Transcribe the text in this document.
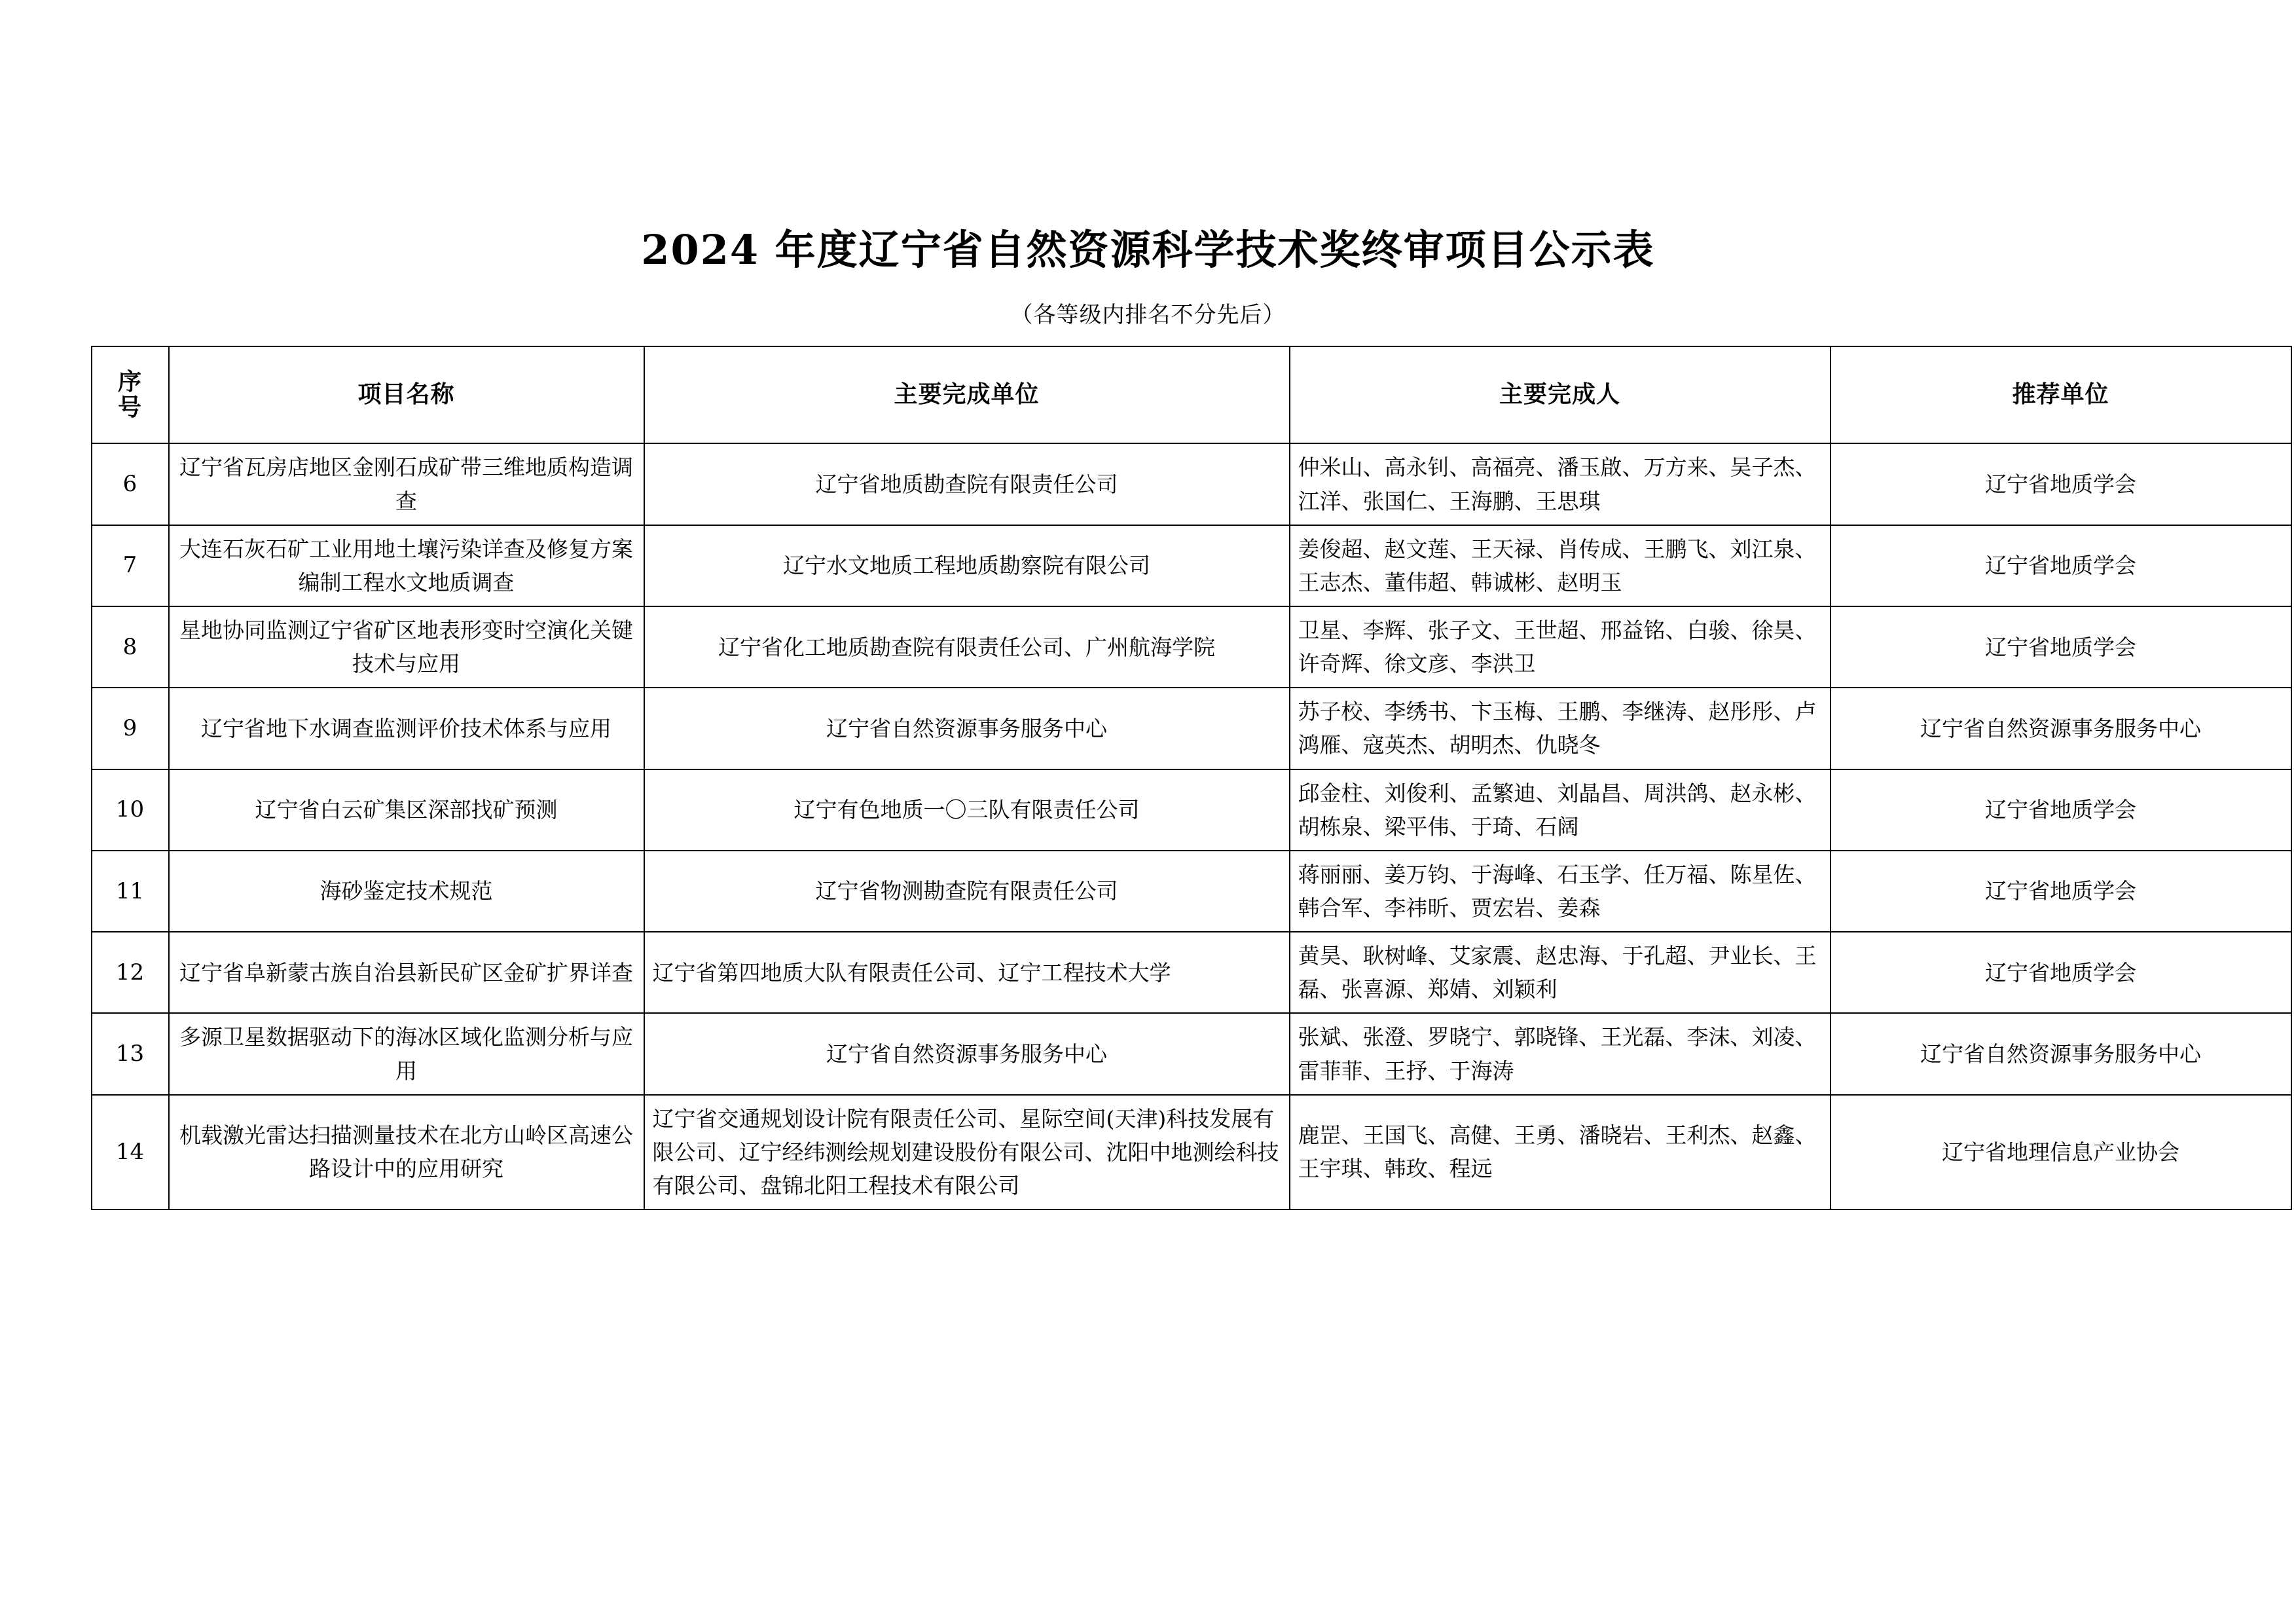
2024 年度辽宁省自然资源科学技术奖终审项目公示表
（各等级内排名不分先后）
序
号	项目名称	主要完成单位	主要完成人	推荐单位
6	辽宁省瓦房店地区金刚石成矿带三维地质构造调查	辽宁省地质勘查院有限责任公司	仲米山、高永钊、高福亮、潘玉啟、万方来、吴子杰、江洋、张国仁、王海鹏、王思琪	辽宁省地质学会
7	大连石灰石矿工业用地土壤污染详查及修复方案编制工程水文地质调查	辽宁水文地质工程地质勘察院有限公司	姜俊超、赵文莲、王天禄、肖传成、王鹏飞、刘江泉、王志杰、董伟超、韩诚彬、赵明玉	辽宁省地质学会
8	星地协同监测辽宁省矿区地表形变时空演化关键技术与应用	辽宁省化工地质勘查院有限责任公司、广州航海学院	卫星、李辉、张子文、王世超、邢益铭、白骏、徐昊、许奇辉、徐文彦、李洪卫	辽宁省地质学会
9	辽宁省地下水调查监测评价技术体系与应用	辽宁省自然资源事务服务中心	苏子校、李绣书、卞玉梅、王鹏、李继涛、赵彤彤、卢鸿雁、寇英杰、胡明杰、仇晓冬	辽宁省自然资源事务服务中心
10	辽宁省白云矿集区深部找矿预测	辽宁有色地质一〇三队有限责任公司	邱金柱、刘俊利、孟繁迪、刘晶昌、周洪鸽、赵永彬、胡栋泉、梁平伟、于琦、石阔	辽宁省地质学会
11	海砂鉴定技术规范	辽宁省物测勘查院有限责任公司	蒋丽丽、姜万钧、于海峰、石玉学、任万福、陈星佐、韩合军、李祎昕、贾宏岩、姜森	辽宁省地质学会
12	辽宁省阜新蒙古族自治县新民矿区金矿扩界详查	辽宁省第四地质大队有限责任公司、辽宁工程技术大学	黄昊、耿树峰、艾家震、赵忠海、于孔超、尹业长、王磊、张喜源、郑婧、刘颖利	辽宁省地质学会
13	多源卫星数据驱动下的海冰区域化监测分析与应用	辽宁省自然资源事务服务中心	张斌、张澄、罗晓宁、郭晓锋、王光磊、李沫、刘凌、雷菲菲、王抒、于海涛	辽宁省自然资源事务服务中心
14	机载激光雷达扫描测量技术在北方山岭区高速公路设计中的应用研究	辽宁省交通规划设计院有限责任公司、星际空间(天津)科技发展有限公司、辽宁经纬测绘规划建设股份有限公司、沈阳中地测绘科技有限公司、盘锦北阳工程技术有限公司	鹿罡、王国飞、高健、王勇、潘晓岩、王利杰、赵鑫、王宇琪、韩玫、程远	辽宁省地理信息产业协会
